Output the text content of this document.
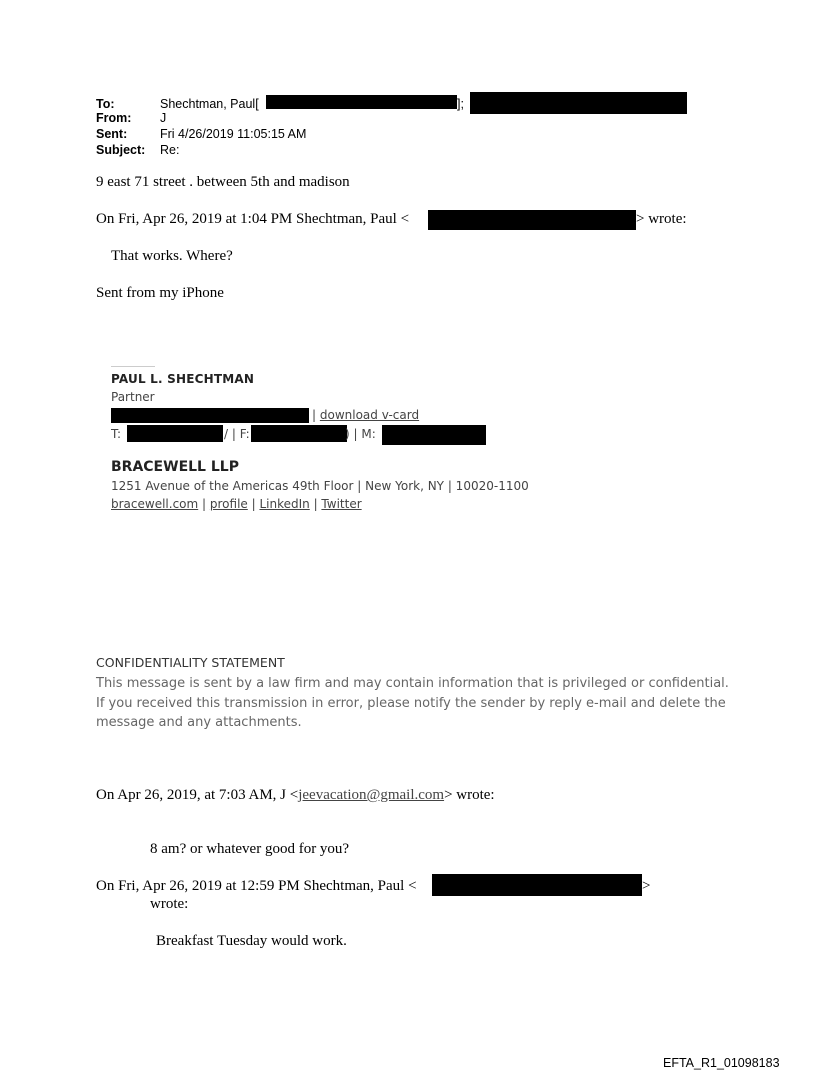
To:	Shechtman, Paul[	];
From: J
Sent:	Fri 4/26/2019 11:05:15 AM
Subject: Re:
9 east 71 street . between 5th and madison
On Fri, Apr 26, 2019 at 1:04 PM Shechtman, Paul <	> wrote:
That works. Where?
Sent from my iPhone
PAUL L. SHECHTMAN
Partner
| download v-card
T:	/ | F:	) | M:
BRACEWELL LLP
1251 Avenue of the Americas 49th Floor | New York, NY | 10020-1100
bracewell.com | profile | LinkedIn | Twitter
CONFIDENTIALITY STATEMENT
This message is sent by a law firm and may contain information that is privileged or confidential. If you received this transmission in error, please notify the sender by reply e-mail and delete the message and any attachments.
On Apr 26, 2019, at 7:03 AM, J <jeevacation@gmail.com> wrote:
8 am? or whatever good for you?
On Fri, Apr 26, 2019 at 12:59 PM Shechtman, Paul <	>
wrote:
Breakfast Tuesday would work.
EFTA_R1_01098183
